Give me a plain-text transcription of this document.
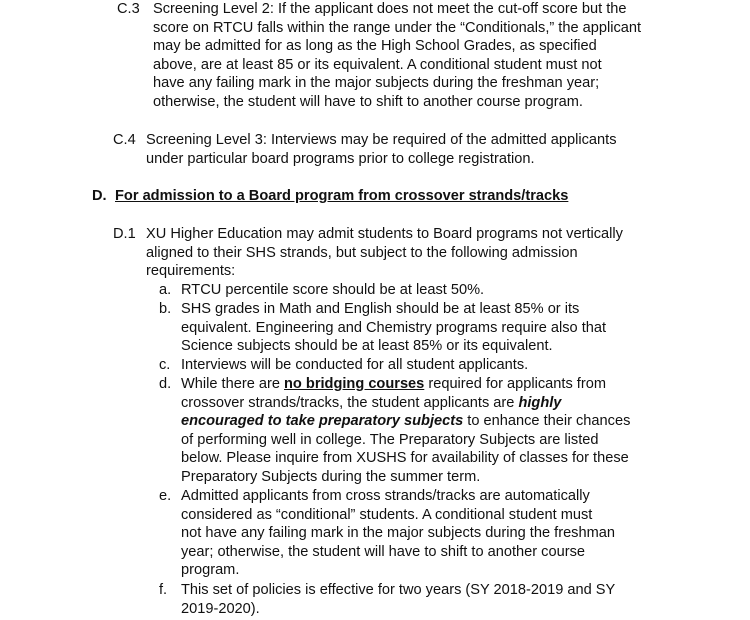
C.3 Screening Level 2: If the applicant does not meet the cut-off score but the
score on RTCU falls within the range under the “Conditionals,” the applicant
may be admitted for as long as the High School Grades, as specified
above, are at least 85 or its equivalent. A conditional student must not
have any failing mark in the major subjects during the freshman year;
otherwise, the student will have to shift to another course program.
C.4 Screening Level 3: Interviews may be required of the admitted applicants
under particular board programs prior to college registration.
D. For admission to a Board program from crossover strands/tracks
D.1 XU Higher Education may admit students to Board programs not vertically
aligned to their SHS strands, but subject to the following admission
requirements:
a. RTCU percentile score should be at least 50%.
b. SHS grades in Math and English should be at least 85% or its
equivalent. Engineering and Chemistry programs require also that
Science subjects should be at least 85% or its equivalent.
c. Interviews will be conducted for all student applicants.
d. While there are no bridging courses required for applicants from
crossover strands/tracks, the student applicants are highly
encouraged to take preparatory subjects to enhance their chances
of performing well in college. The Preparatory Subjects are listed
below. Please inquire from XUSHS for availability of classes for these
Preparatory Subjects during the summer term.
e. Admitted applicants from cross strands/tracks are automatically
considered as “conditional” students. A conditional student must
not have any failing mark in the major subjects during the freshman
year; otherwise, the student will have to shift to another course
program.
f. This set of policies is effective for two years (SY 2018-2019 and SY
2019-2020).
